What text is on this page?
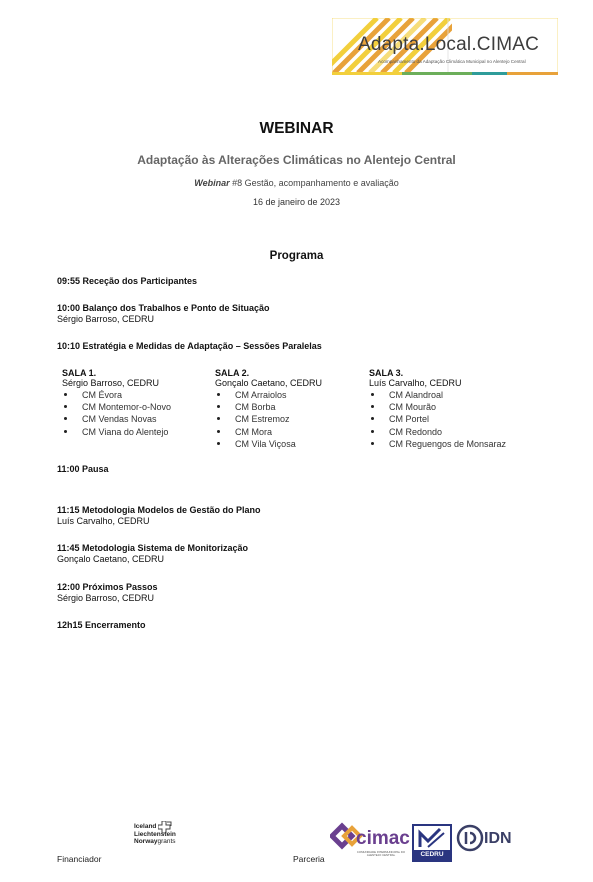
Adapta.Local.CIMAC
Acompanhamento da Adaptação Climática Municipal no Alentejo Central
WEBINAR
Adaptação às Alterações Climáticas no Alentejo Central
Webinar #8 Gestão, acompanhamento e avaliação
16 de janeiro de 2023
Programa
09:55 Receção dos Participantes
10:00 Balanço dos Trabalhos e Ponto de Situação
Sérgio Barroso, CEDRU
10:10 Estratégia e Medidas de Adaptação – Sessões Paralelas
SALA 1.
Sérgio Barroso, CEDRU
CM Évora
CM Montemor-o-Novo
CM Vendas Novas
CM Viana do Alentejo
SALA 2.
Gonçalo Caetano, CEDRU
CM Arraiolos
CM Borba
CM Estremoz
CM Mora
CM Vila Viçosa
SALA 3.
Luís Carvalho, CEDRU
CM Alandroal
CM Mourão
CM Portel
CM Redondo
CM Reguengos de Monsaraz
11:00 Pausa
11:15 Metodologia Modelos de Gestão do Plano
Luís Carvalho, CEDRU
11:45 Metodologia Sistema de Monitorização
Gonçalo Caetano, CEDRU
12:00 Próximos Passos
Sérgio Barroso, CEDRU
12h15 Encerramento
Financiador	Parceria
Iceland
Liechtenstein
Norwaygrants	cimac
COMUNIDADE INTERMUNICIPAL DO ALENTEJO CENTRAL	CEDRU
IDN
